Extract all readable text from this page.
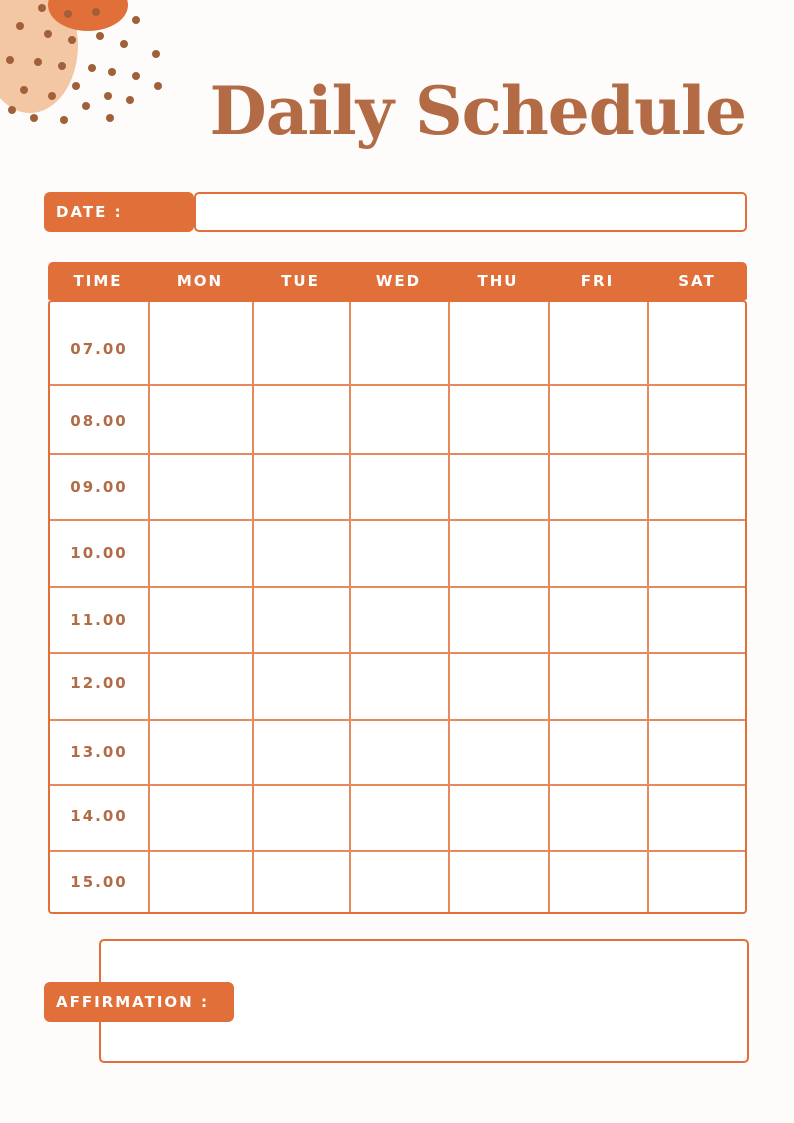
Daily Schedule
DATE :
TIME	MON	TUE	WED	THU	FRI	SAT
07.00
08.00
09.00
10.00
11.00
12.00
13.00
14.00
15.00
AFFIRMATION :
